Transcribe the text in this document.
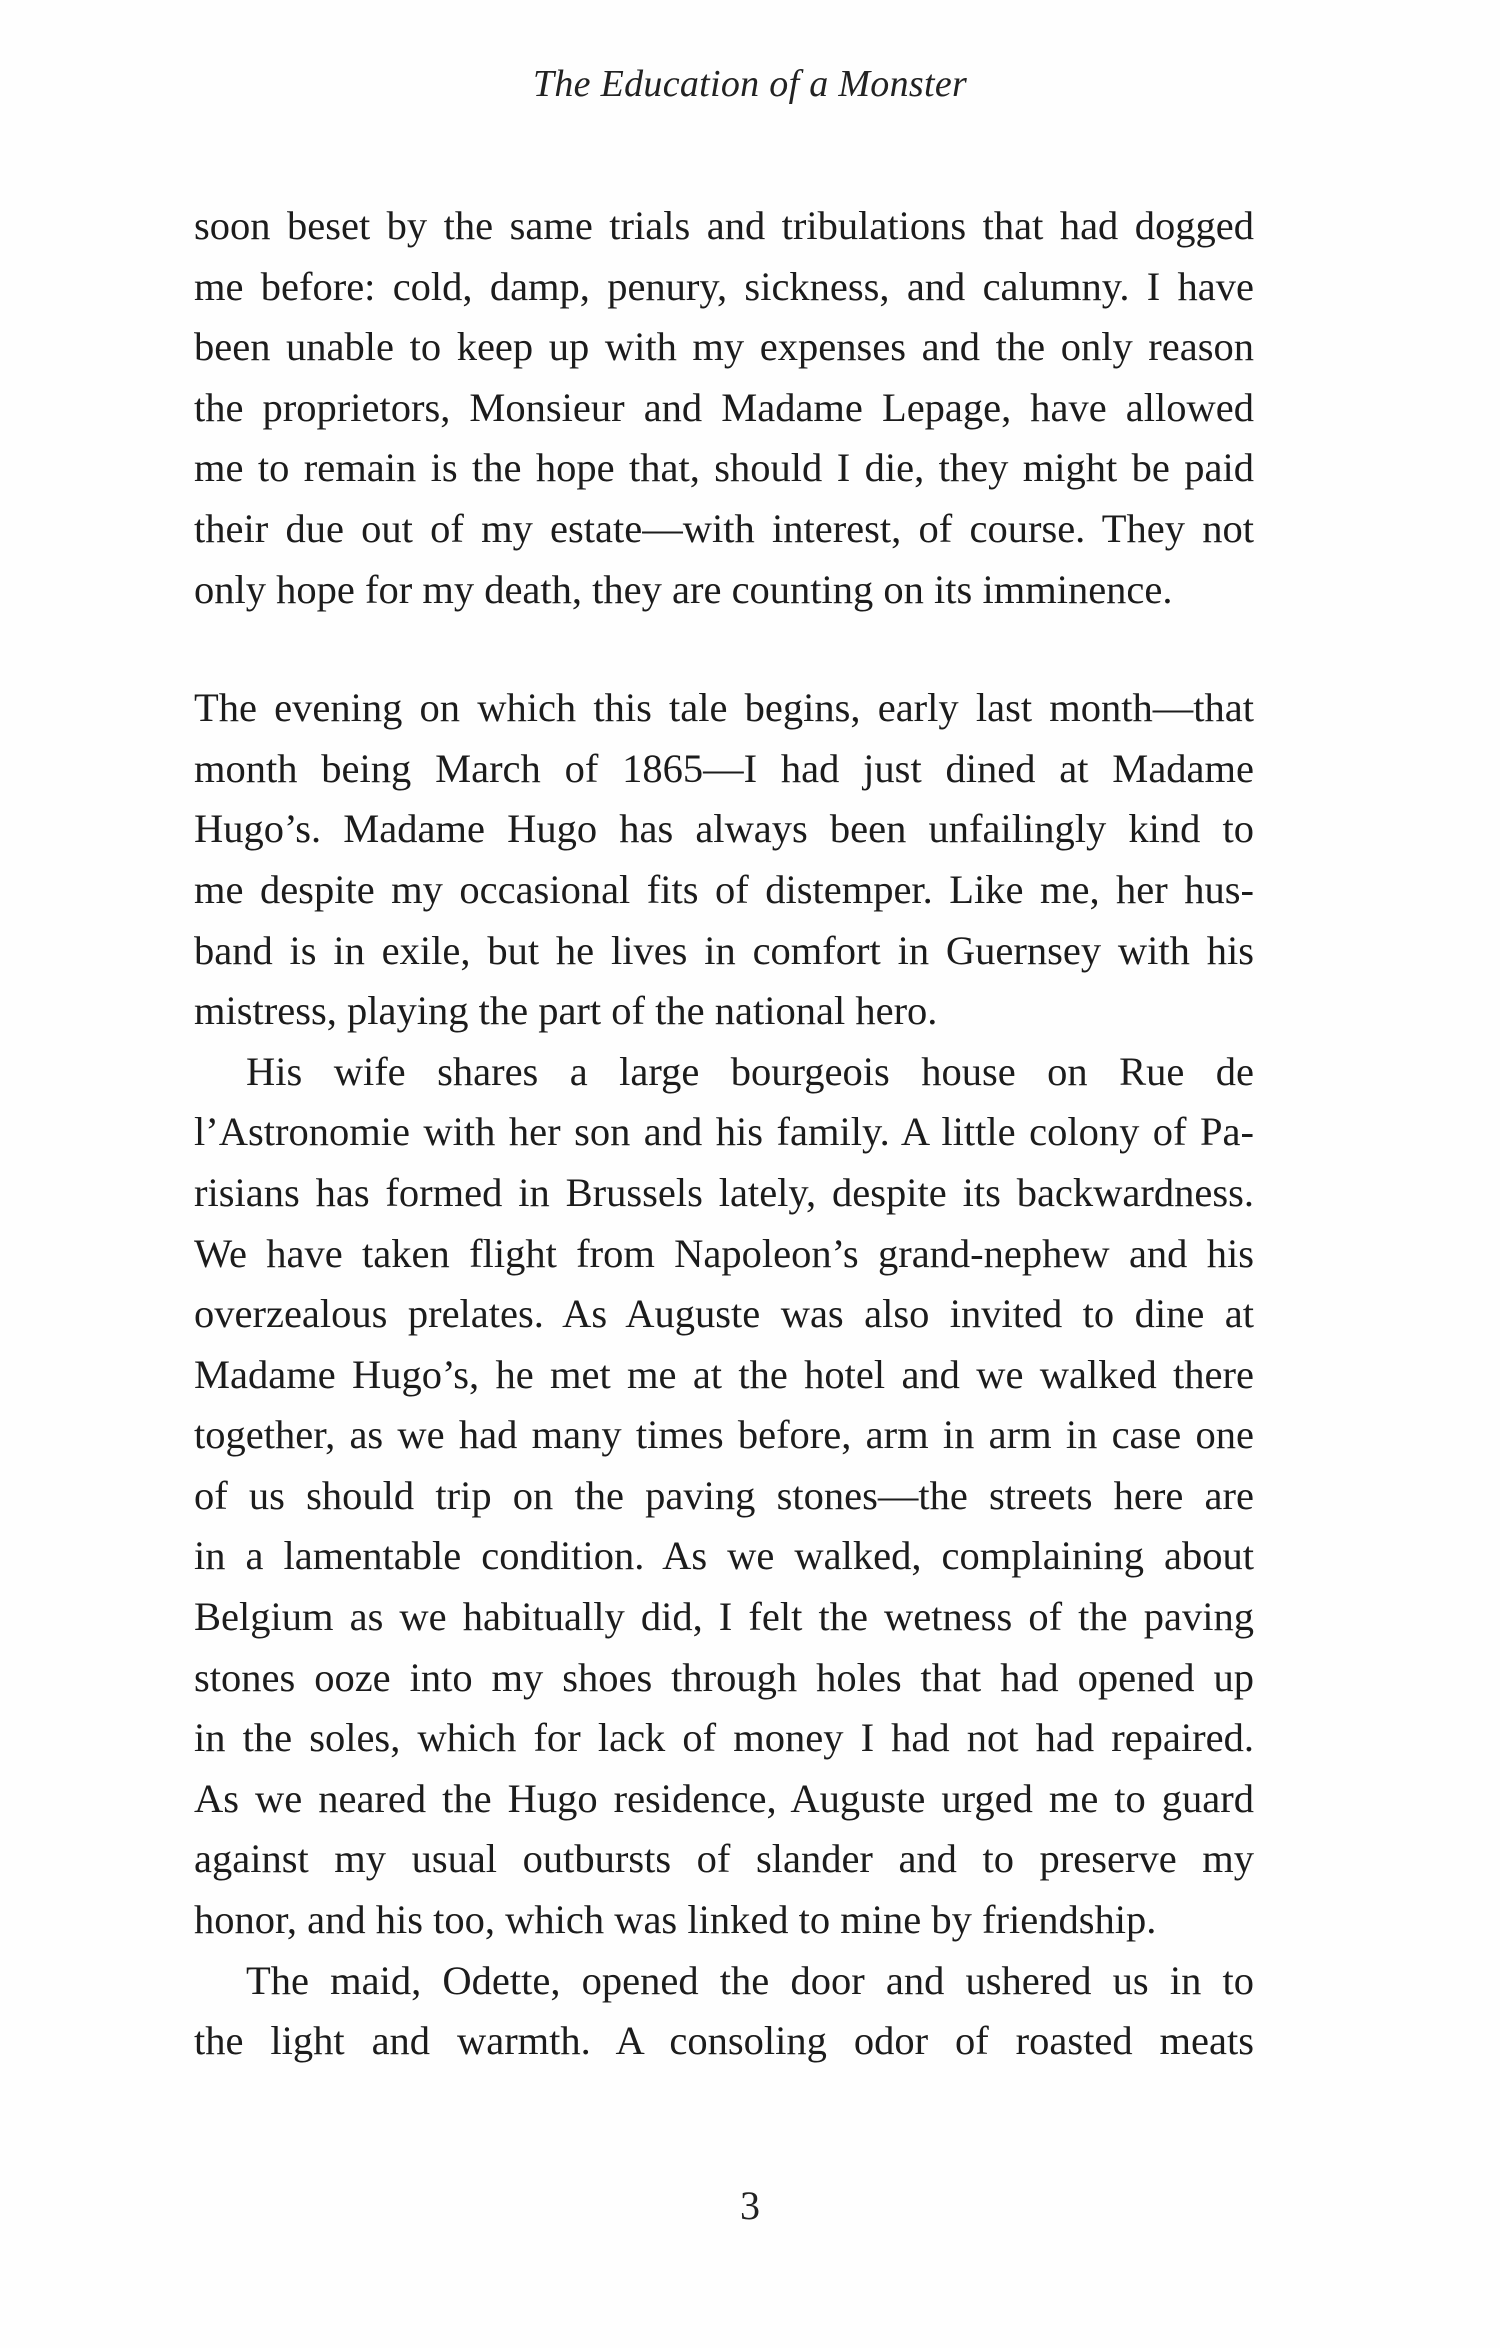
The Education of a Monster
soon beset by the same trials and tribulations that had dogged
me before: cold, damp, penury, sickness, and calumny. I have
been unable to keep up with my expenses and the only reason
the proprietors, Monsieur and Madame Lepage, have allowed
me to remain is the hope that, should I die, they might be paid
their due out of my estate—with interest, of course. They not
only hope for my death, they are counting on its imminence.
The evening on which this tale begins, early last month—that
month being March of 1865—I had just dined at Madame
Hugo’s. Madame Hugo has always been unfailingly kind to
me despite my occasional fits of distemper. Like me, her hus-
band is in exile, but he lives in comfort in Guernsey with his
mistress, playing the part of the national hero.
His wife shares a large bourgeois house on Rue de
l’Astronomie with her son and his family. A little colony of Pa-
risians has formed in Brussels lately, despite its backwardness.
We have taken flight from Napoleon’s grand-nephew and his
overzealous prelates. As Auguste was also invited to dine at
Madame Hugo’s, he met me at the hotel and we walked there
together, as we had many times before, arm in arm in case one
of us should trip on the paving stones—the streets here are
in a lamentable condition. As we walked, complaining about
Belgium as we habitually did, I felt the wetness of the paving
stones ooze into my shoes through holes that had opened up
in the soles, which for lack of money I had not had repaired.
As we neared the Hugo residence, Auguste urged me to guard
against my usual outbursts of slander and to preserve my
honor, and his too, which was linked to mine by friendship.
The maid, Odette, opened the door and ushered us in to
the light and warmth. A consoling odor of roasted meats
3
